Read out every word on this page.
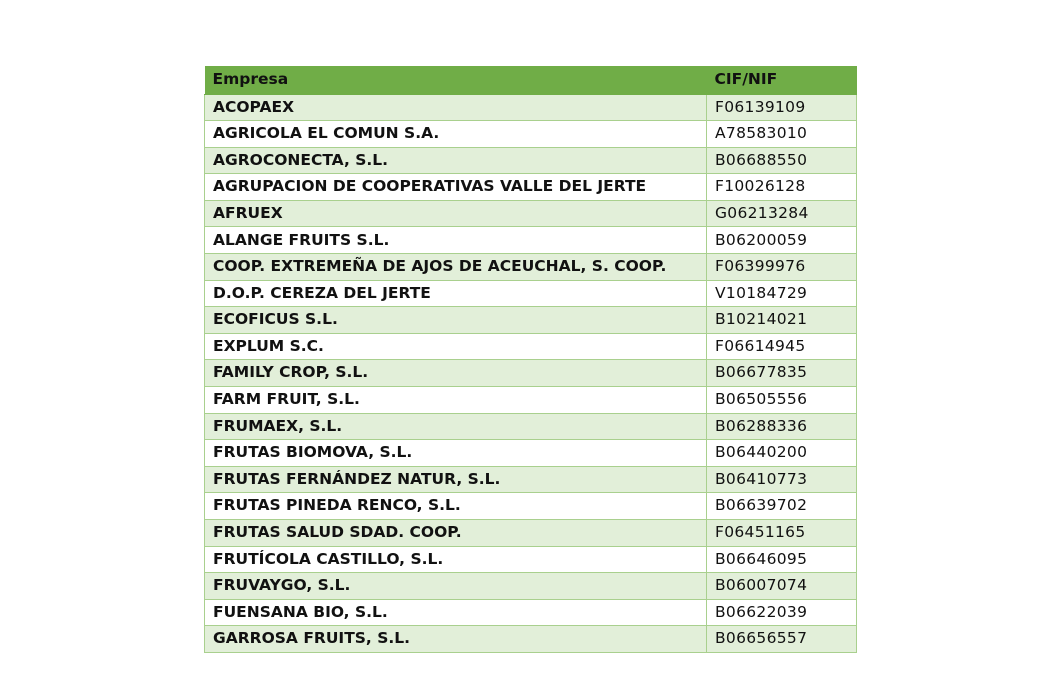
Empresa	CIF/NIF
ACOPAEX	F06139109
AGRICOLA EL COMUN S.A.	A78583010
AGROCONECTA, S.L.	B06688550
AGRUPACION DE COOPERATIVAS VALLE DEL JERTE	F10026128
AFRUEX	G06213284
ALANGE FRUITS S.L.	B06200059
COOP. EXTREMEÑA DE AJOS DE ACEUCHAL, S. COOP.	F06399976
D.O.P. CEREZA DEL JERTE	V10184729
ECOFICUS S.L.	B10214021
EXPLUM S.C.	F06614945
FAMILY CROP, S.L.	B06677835
FARM FRUIT, S.L.	B06505556
FRUMAEX, S.L.	B06288336
FRUTAS BIOMOVA, S.L.	B06440200
FRUTAS FERNÁNDEZ NATUR, S.L.	B06410773
FRUTAS PINEDA RENCO, S.L.	B06639702
FRUTAS SALUD SDAD. COOP.	F06451165
FRUTÍCOLA CASTILLO, S.L.	B06646095
FRUVAYGO, S.L.	B06007074
FUENSANA BIO, S.L.	B06622039
GARROSA FRUITS, S.L.	B06656557
